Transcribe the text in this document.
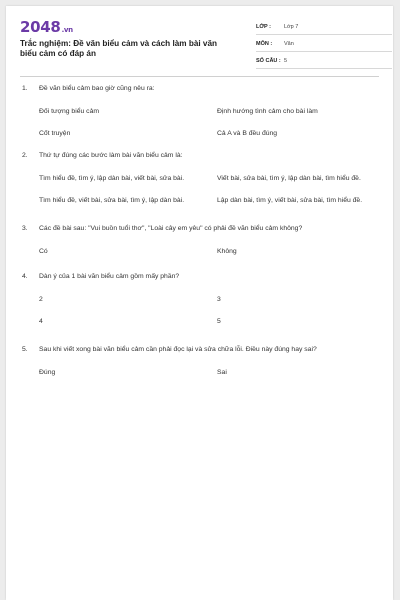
2048.vn
Trắc nghiệm: Đề văn biểu cảm và cách làm bài văn biểu cảm có đáp án
LỚP :	Lớp 7
MÔN :	Văn
SỐ CÂU : 5
1.	Đề văn biểu cảm bao giờ cũng nêu ra:
Đối tượng biểu cảm	Định hướng tình cảm cho bài làm
Cốt truyện	Cả A và B đều đúng
2.	Thứ tự đúng các bước làm bài văn biểu cảm là:
Tìm hiểu đề, tìm ý, lập dàn bài, viết bài, sửa bài.	Viết bài, sửa bài, tìm ý, lập dàn bài, tìm hiểu đề.
Tìm hiểu đề, viết bài, sửa bài, tìm ý, lập dàn bài.	Lập dàn bài, tìm ý, viết bài, sửa bài, tìm hiểu đề.
3.	Các đề bài sau: "Vui buồn tuổi thơ", "Loài cây em yêu" có phải đề văn biểu cảm không?
Có	Không
4.	Dàn ý của 1 bài văn biểu cảm gồm mấy phần?
2	3
4	5
5.	Sau khi viết xong bài văn biểu cảm cần phải đọc lại và sửa chữa lỗi. Điều này đúng hay sai?
Đúng	Sai
